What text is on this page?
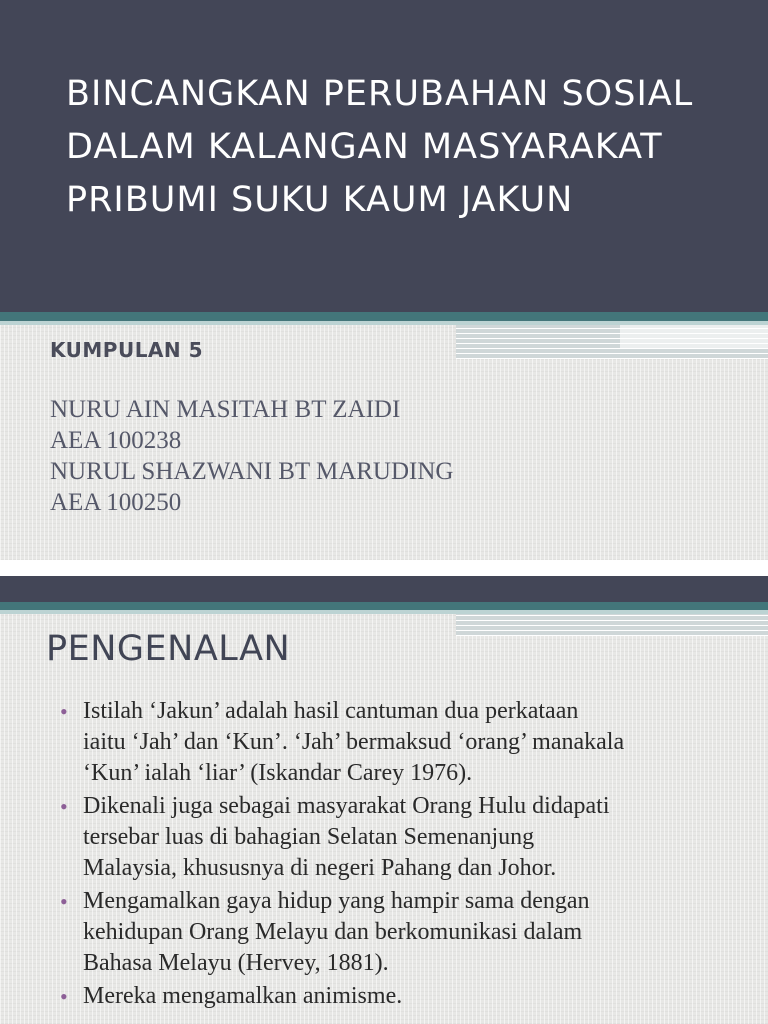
BINCANGKAN PERUBAHAN SOSIAL
DALAM KALANGAN MASYARAKAT
PRIBUMI SUKU KAUM JAKUN
KUMPULAN 5
NURU AIN MASITAH BT ZAIDI
AEA 100238
NURUL SHAZWANI BT MARUDING
AEA 100250
PENGENALAN
• Istilah ‘Jakun’ adalah hasil cantuman dua perkataan
iaitu ‘Jah’ dan ‘Kun’. ‘Jah’ bermaksud ‘orang’ manakala
‘Kun’ ialah ‘liar’ (Iskandar Carey 1976).
• Dikenali juga sebagai masyarakat Orang Hulu didapati
tersebar luas di bahagian Selatan Semenanjung
Malaysia, khususnya di negeri Pahang dan Johor.
• Mengamalkan gaya hidup yang hampir sama dengan
kehidupan Orang Melayu dan berkomunikasi dalam
Bahasa Melayu (Hervey, 1881).
• Mereka mengamalkan animisme.
